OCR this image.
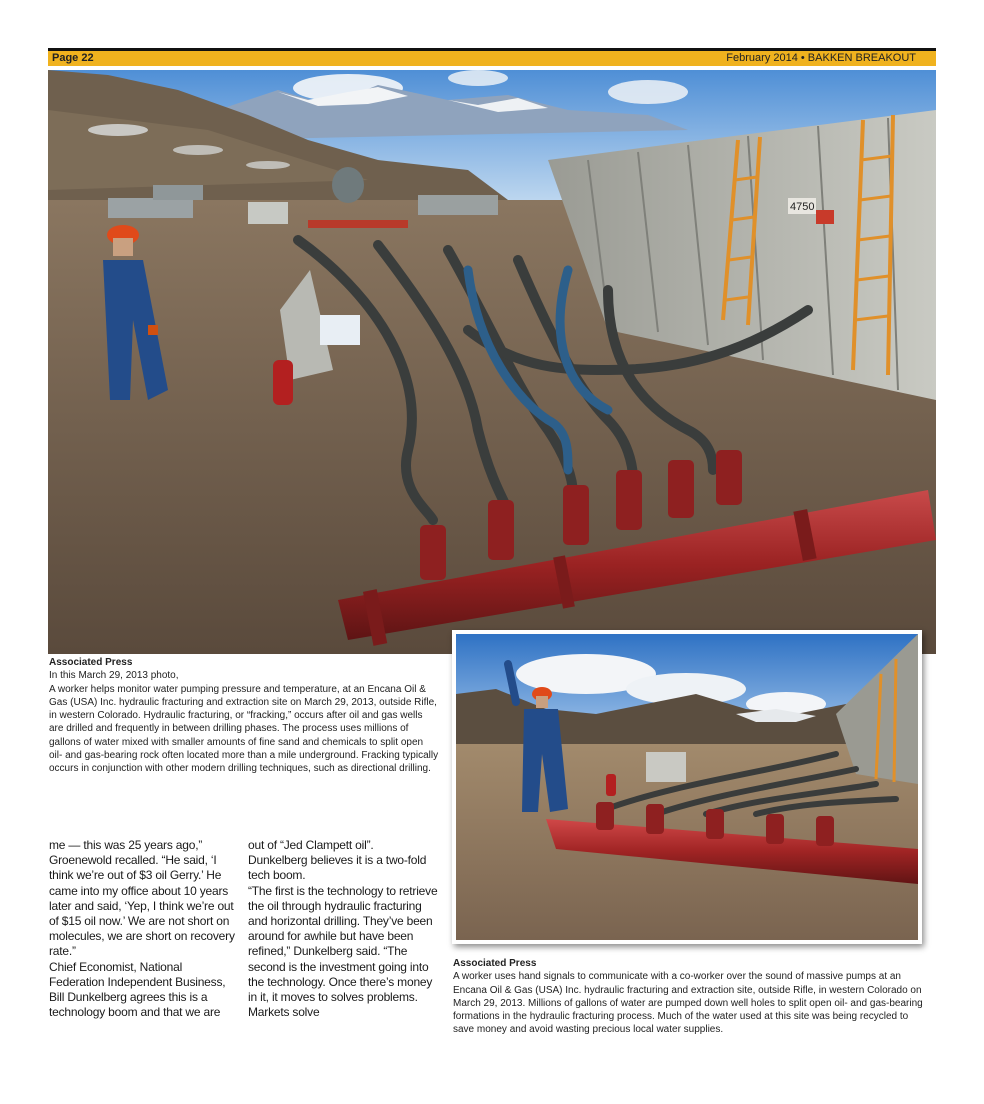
Page 22	February 2014 • BAKKEN BREAKOUT
4750
Associated Press
In this March 29, 2013 photo,
A worker helps monitor water pumping pressure and temperature, at an Encana Oil & Gas (USA) Inc. hydraulic fracturing and extraction site on March 29, 2013, outside Rifle, in western Colorado. Hydraulic fracturing, or “fracking,” occurs after oil and gas wells are drilled and frequently in between drilling phases. The process uses millions of gallons of water mixed with smaller amounts of fine sand and chemicals to split open oil- and gas-bearing rock often located more than a mile underground. Fracking typically occurs in conjunction with other modern drilling techniques, such as directional drilling.
Associated Press
A worker uses hand signals to communicate with a co-worker over the sound of massive pumps at an Encana Oil & Gas (USA) Inc. hydraulic fracturing and extraction site, outside Rifle, in western Colorado on March 29, 2013. Millions of gallons of water are pumped down well holes to split open oil- and gas-bearing formations in the hydraulic fracturing process. Much of the water used at this site was being recycled to save money and avoid wasting precious local water supplies.

me — this was 25 years ago,” Groenewold recalled. “He said, ‘I think we’re out of $3 oil Gerry.’ He came into my office about 10 years later and said, ‘Yep, I think we’re out of $15 oil now.’ We are not short on molecules, we are short on recovery rate.”

Chief Economist, National Federation Independent Business, Bill Dunkelberg agrees this is a technology boom and that we are

out of “Jed Clampett oil”.

Dunkelberg believes it is a two-fold tech boom.

“The first is the technology to retrieve the oil through hydraulic fracturing and horizontal drilling. They’ve been around for awhile but have been refined,” Dunkelberg said. “The second is the investment going into the technology. Once there’s money in it, it moves to solves problems. Markets solve
